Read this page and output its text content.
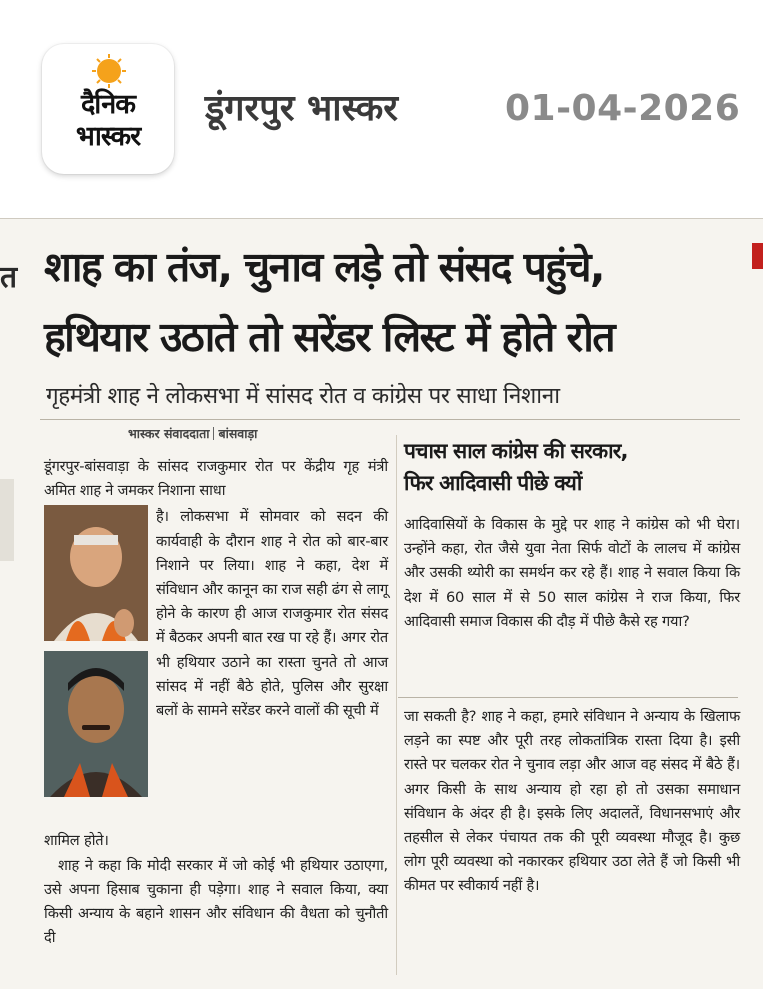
दैनिक
भास्कर
डूंगरपुर भास्कर	01-04-2026
त शाह का तंज, चुनाव लड़े तो संसद पहुंचे,
हथियार उठाते तो सरेंडर लिस्ट में होते रोत
गृहमंत्री शाह ने लोकसभा में सांसद रोत व कांग्रेस पर साधा निशाना
भास्कर संवाददाता बांसवाड़ा

डूंगरपुर-बांसवाड़ा के सांसद राजकुमार रोत पर केंद्रीय गृह मंत्री अमित शाह ने जमकर निशाना साधा

है। लोकसभा में सोमवार को सदन की कार्यवाही के दौरान शाह ने रोत को बार-बार निशाने पर लिया। शाह ने कहा, देश में संविधान और कानून का राज सही ढंग से लागू होने के कारण ही आज राजकुमार रोत संसद में बैठकर अपनी बात रख पा रहे हैं। अगर रोत भी हथियार उठाने का रास्ता चुनते तो आज सांसद में नहीं बैठे होते, पुलिस और सुरक्षा बलों के सामने सरेंडर करने वालों की सूची में

शामिल होते।

शाह ने कहा कि मोदी सरकार में जो कोई भी हथियार उठाएगा, उसे अपना हिसाब चुकाना ही पड़ेगा। शाह ने सवाल किया, क्या किसी अन्याय के बहाने शासन और संविधान की वैधता को चुनौती दी

पचास साल कांग्रेस की सरकार,
फिर आदिवासी पीछे क्यों

आदिवासियों के विकास के मुद्दे पर शाह ने कांग्रेस को भी घेरा। उन्होंने कहा, रोत जैसे युवा नेता सिर्फ वोटों के लालच में कांग्रेस और उसकी थ्योरी का समर्थन कर रहे हैं। शाह ने सवाल किया कि देश में 60 साल में से 50 साल कांग्रेस ने राज किया, फिर आदिवासी समाज विकास की दौड़ में पीछे कैसे रह गया?

जा सकती है? शाह ने कहा, हमारे संविधान ने अन्याय के खिलाफ लड़ने का स्पष्ट और पूरी तरह लोकतांत्रिक रास्ता दिया है। इसी रास्ते पर चलकर रोत ने चुनाव लड़ा और आज वह संसद में बैठे हैं। अगर किसी के साथ अन्याय हो रहा हो तो उसका समाधान संविधान के अंदर ही है। इसके लिए अदालतें, विधानसभाएं और तहसील से लेकर पंचायत तक की पूरी व्यवस्था मौजूद है। कुछ लोग पूरी व्यवस्था को नकारकर हथियार उठा लेते हैं जो किसी भी कीमत पर स्वीकार्य नहीं है।
